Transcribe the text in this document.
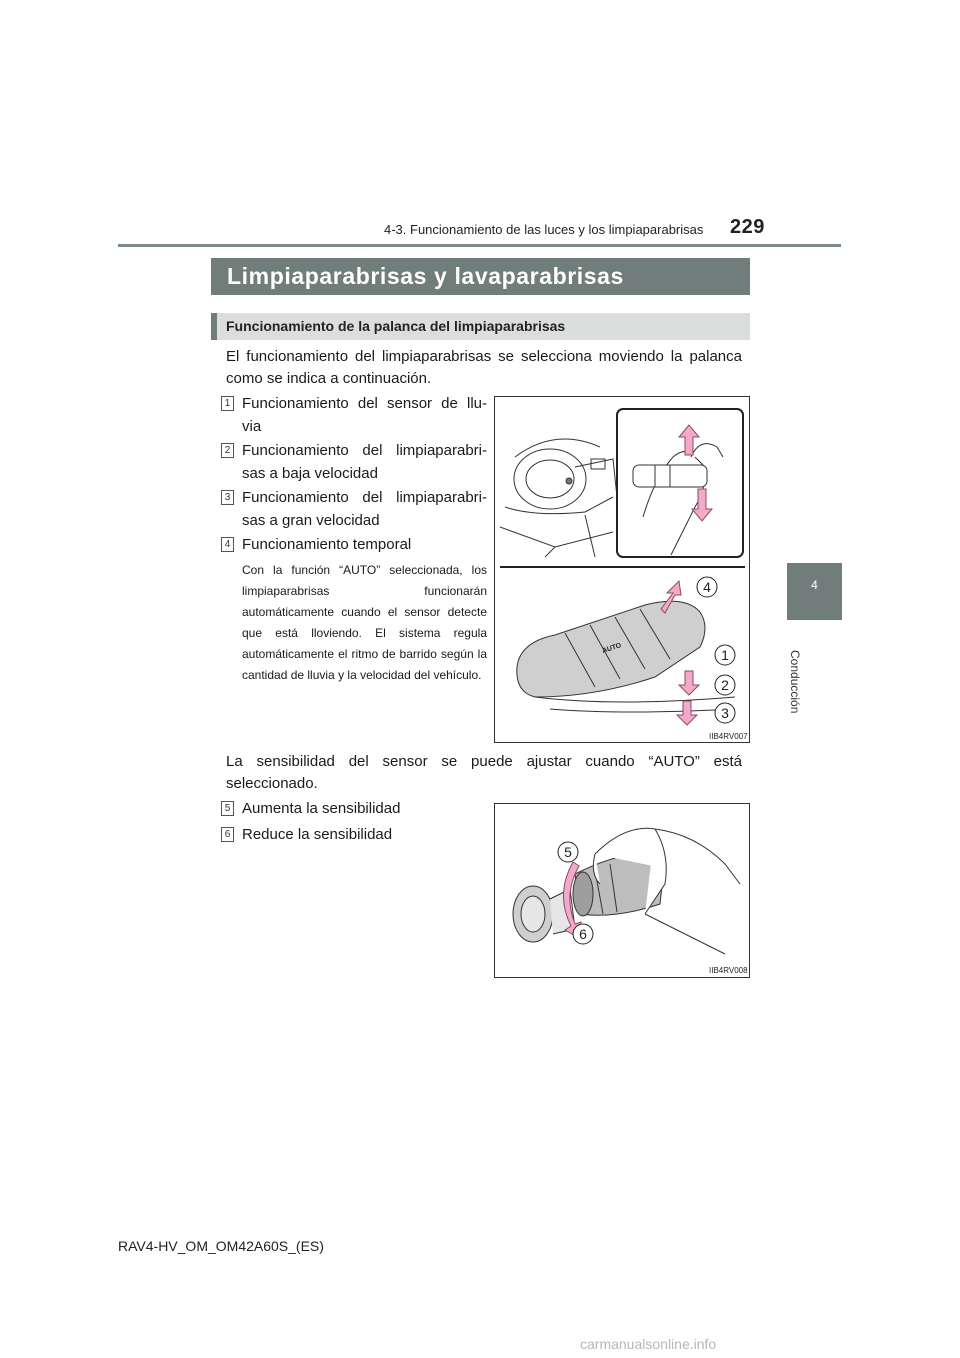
4-3. Funcionamiento de las luces y los limpiaparabrisas 229
4
Conducción
Limpiaparabrisas y lavaparabrisas
Funcionamiento de la palanca del limpiaparabrisas
El funcionamiento del limpiaparabrisas se selecciona moviendo la palanca como se indica a continuación.
1 Funcionamiento del sensor de llu-
via
2 Funcionamiento del limpiaparabri-
sas a baja velocidad
3 Funcionamiento del limpiaparabri-
sas a gran velocidad
4 Funcionamiento temporal
Con la función “AUTO” seleccionada, los limpiaparabrisas funcionarán automáticamente cuando el sensor detecte que está lloviendo. El sistema regula automáticamente el ritmo de barrido según la cantidad de lluvia y la velocidad del vehículo.
AUTO
4
1
2
3
IIB4RV007
La sensibilidad del sensor se puede ajustar cuando “AUTO” está seleccionado.
5 Aumenta la sensibilidad
6 Reduce la sensibilidad
5
6
IIB4RV008
RAV4-HV_OM_OM42A60S_(ES)
carmanualsonline.info
